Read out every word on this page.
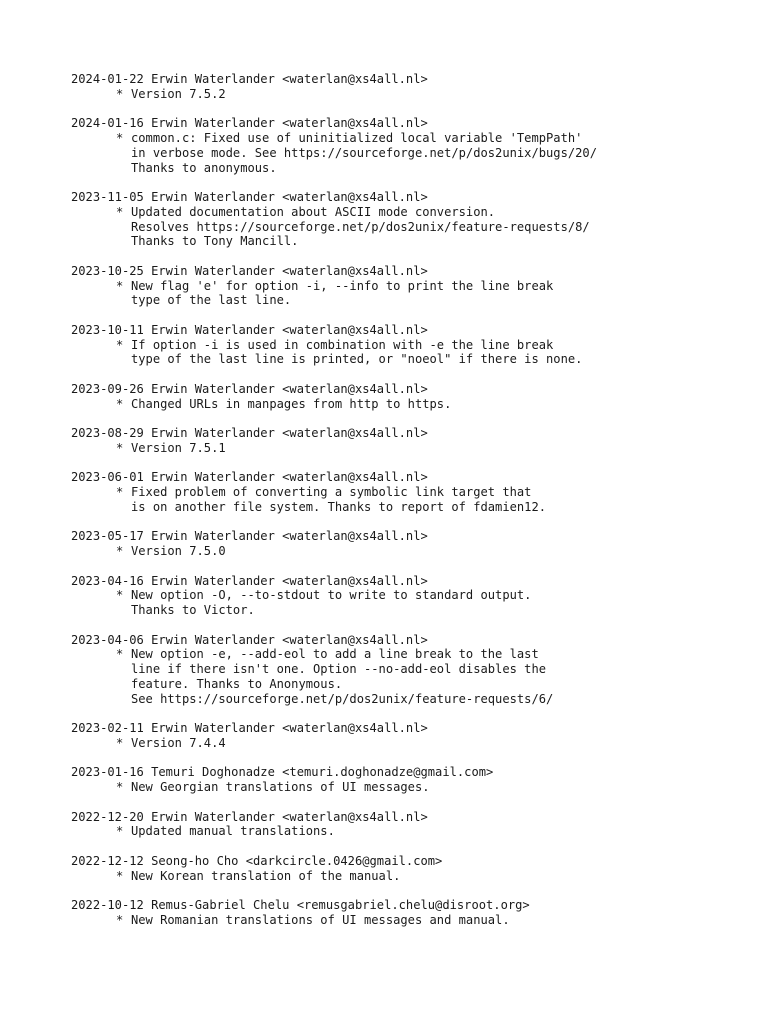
2024-01-22 Erwin Waterlander <waterlan@xs4all.nl>
* Version 7.5.2
2024-01-16 Erwin Waterlander <waterlan@xs4all.nl>
* common.c: Fixed use of uninitialized local variable 'TempPath'
in verbose mode. See https://sourceforge.net/p/dos2unix/bugs/20/
Thanks to anonymous.
2023-11-05 Erwin Waterlander <waterlan@xs4all.nl>
* Updated documentation about ASCII mode conversion.
Resolves https://sourceforge.net/p/dos2unix/feature-requests/8/
Thanks to Tony Mancill.
2023-10-25 Erwin Waterlander <waterlan@xs4all.nl>
* New flag 'e' for option -i, --info to print the line break
type of the last line.
2023-10-11 Erwin Waterlander <waterlan@xs4all.nl>
* If option -i is used in combination with -e the line break
type of the last line is printed, or "noeol" if there is none.
2023-09-26 Erwin Waterlander <waterlan@xs4all.nl>
* Changed URLs in manpages from http to https.
2023-08-29 Erwin Waterlander <waterlan@xs4all.nl>
* Version 7.5.1
2023-06-01 Erwin Waterlander <waterlan@xs4all.nl>
* Fixed problem of converting a symbolic link target that
is on another file system. Thanks to report of fdamien12.
2023-05-17 Erwin Waterlander <waterlan@xs4all.nl>
* Version 7.5.0
2023-04-16 Erwin Waterlander <waterlan@xs4all.nl>
* New option -O, --to-stdout to write to standard output.
Thanks to Victor.
2023-04-06 Erwin Waterlander <waterlan@xs4all.nl>
* New option -e, --add-eol to add a line break to the last
line if there isn't one. Option --no-add-eol disables the
feature. Thanks to Anonymous.
See https://sourceforge.net/p/dos2unix/feature-requests/6/
2023-02-11 Erwin Waterlander <waterlan@xs4all.nl>
* Version 7.4.4
2023-01-16 Temuri Doghonadze <temuri.doghonadze@gmail.com>
* New Georgian translations of UI messages.
2022-12-20 Erwin Waterlander <waterlan@xs4all.nl>
* Updated manual translations.
2022-12-12 Seong-ho Cho <darkcircle.0426@gmail.com>
* New Korean translation of the manual.
2022-10-12 Remus-Gabriel Chelu <remusgabriel.chelu@disroot.org>
* New Romanian translations of UI messages and manual.
